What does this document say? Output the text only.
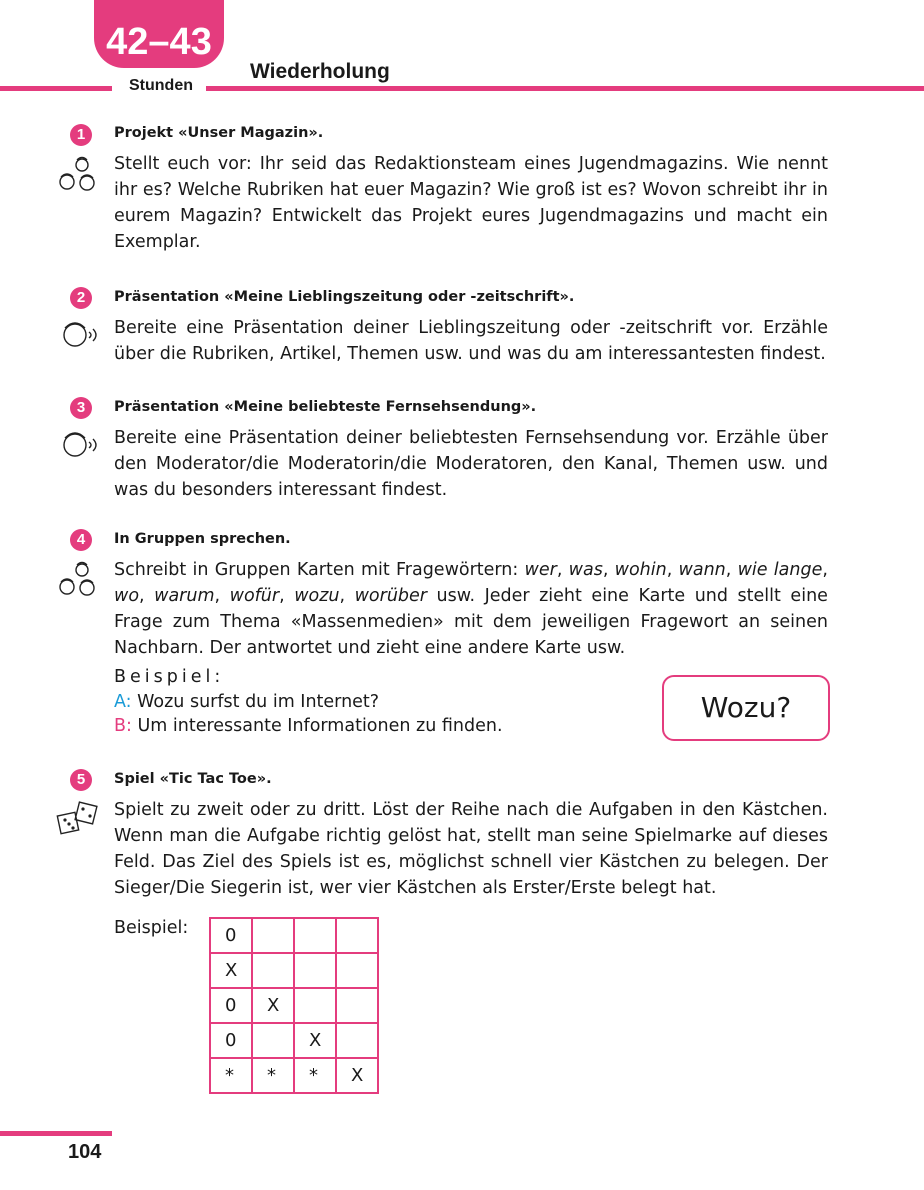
42–43
Stunden
Wiederholung
1	Projekt «Unser Magazin».

Stellt euch vor: Ihr seid das Redaktionsteam eines Jugendmagazins. Wie nennt ihr es? Welche Rubriken hat euer Magazin? Wie groß ist es? Wovon schreibt ihr in eurem Magazin? Entwickelt das Projekt eures Jugendmagazins und macht ein Exemplar.

2	Präsentation «Meine Lieblingszeitung oder -zeitschrift».

Bereite eine Präsentation deiner Lieblingszeitung oder -zeitschrift vor. Erzähle über die Rubriken, Artikel, Themen usw. und was du am interessantesten findest.

3	Präsentation «Meine beliebteste Fernsehsendung».

Bereite eine Präsentation deiner beliebtesten Fernsehsendung vor. Erzähle über den Moderator/die Moderatorin/die Moderatoren, den Kanal, Themen usw. und was du besonders interessant findest.

4	In Gruppen sprechen.

Schreibt in Gruppen Karten mit Fragewörtern: wer, was, wohin, wann, wie lange, wo, warum, wofür, wozu, worüber usw. Jeder zieht eine Karte und stellt eine Frage zum Thema «Massenmedien» mit dem jeweiligen Fragewort an seinen Nachbarn. Der antwortet und zieht eine andere Karte usw.

Beispiel:
A: Wozu surfst du im Internet?
B: Um interessante Informationen zu finden.
Wozu?
5	Spiel «Tic Tac Toe».

Spielt zu zweit oder zu dritt. Löst der Reihe nach die Aufgaben in den Kästchen. Wenn man die Aufgabe richtig gelöst hat, stellt man seine Spielmarke auf dieses Feld. Das Ziel des Spiels ist es, möglichst schnell vier Kästchen zu belegen. Der Sieger/Die Siegerin ist, wer vier Kästchen als Erster/Erste belegt hat.

Beispiel:	0			
X			
0	X		
0		X	
*	*	*	X
104
